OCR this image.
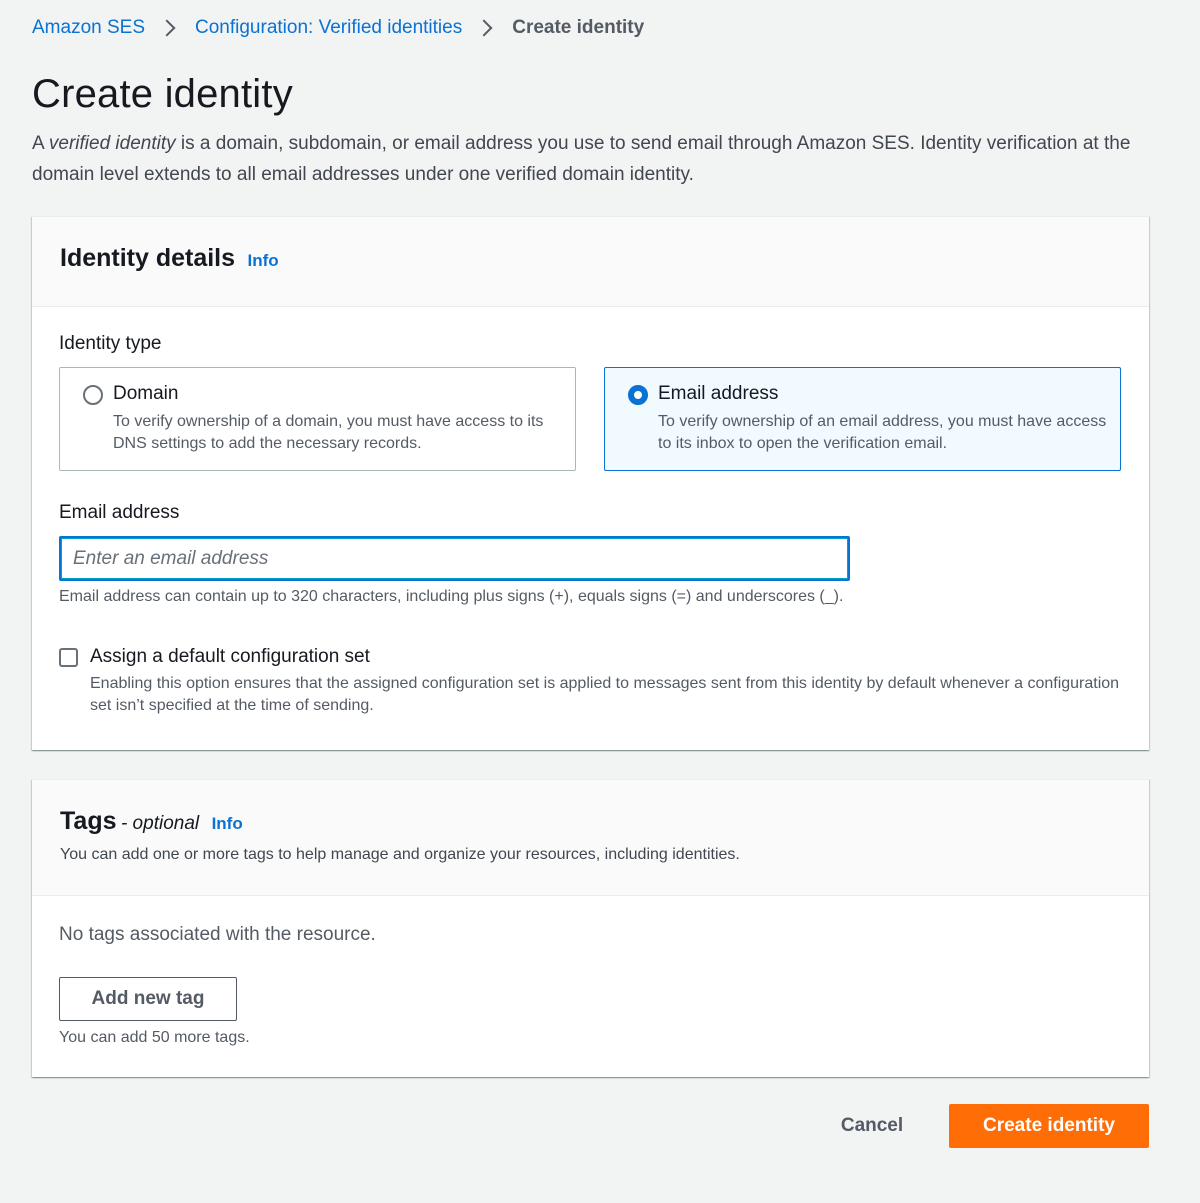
Amazon SES	Configuration: Verified identities	Create identity
Create identity

A verified identity is a domain, subdomain, or email address you use to send email through Amazon SES. Identity verification at the domain level extends to all email addresses under one verified domain identity.

Identity details Info
Identity type
Domain
To verify ownership of a domain, you must have access to its DNS settings to add the necessary records.
Email address
To verify ownership of an email address, you must have access to its inbox to open the verification email.
Email address
Enter an email address
Email address can contain up to 320 characters, including plus signs (+), equals signs (=) and underscores (_).
Assign a default configuration set
Enabling this option ensures that the assigned configuration set is applied to messages sent from this identity by default whenever a configuration set isn’t specified at the time of sending.
Tags - optional Info
You can add one or more tags to help manage and organize your resources, including identities.
No tags associated with the resource.
Add new tag
You can add 50 more tags.
Cancel	Create identity
